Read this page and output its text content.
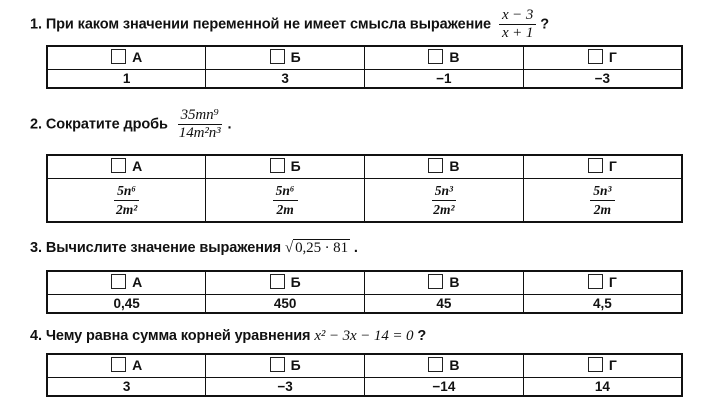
1. При каком значении переменной не имеет смысла выражение $\frac{x - 3}{x + 1}$ ?
А	Б	В	Г
1	3	−1	−3
2. Сократите дробь $\frac{\text{35mn⁹}}{\text{14m²n³}}$ .
А	Б	В	Г

$\frac{\text{5n⁶}}{\text{2m²}}$	$\frac{\text{5n⁶}}{2m}$	$\frac{\text{5n³}}{\text{2m²}}$	$\frac{\text{5n³}}{2m}$
3. Вычислите значение выражения √ 0,25 · 81 .
А	Б	В	Г
0,45	450	45	4,5
4. Чему равна сумма корней уравнения x² − 3x − 14 = 0 ?
А	Б	В	Г
3	−3	−14	14
